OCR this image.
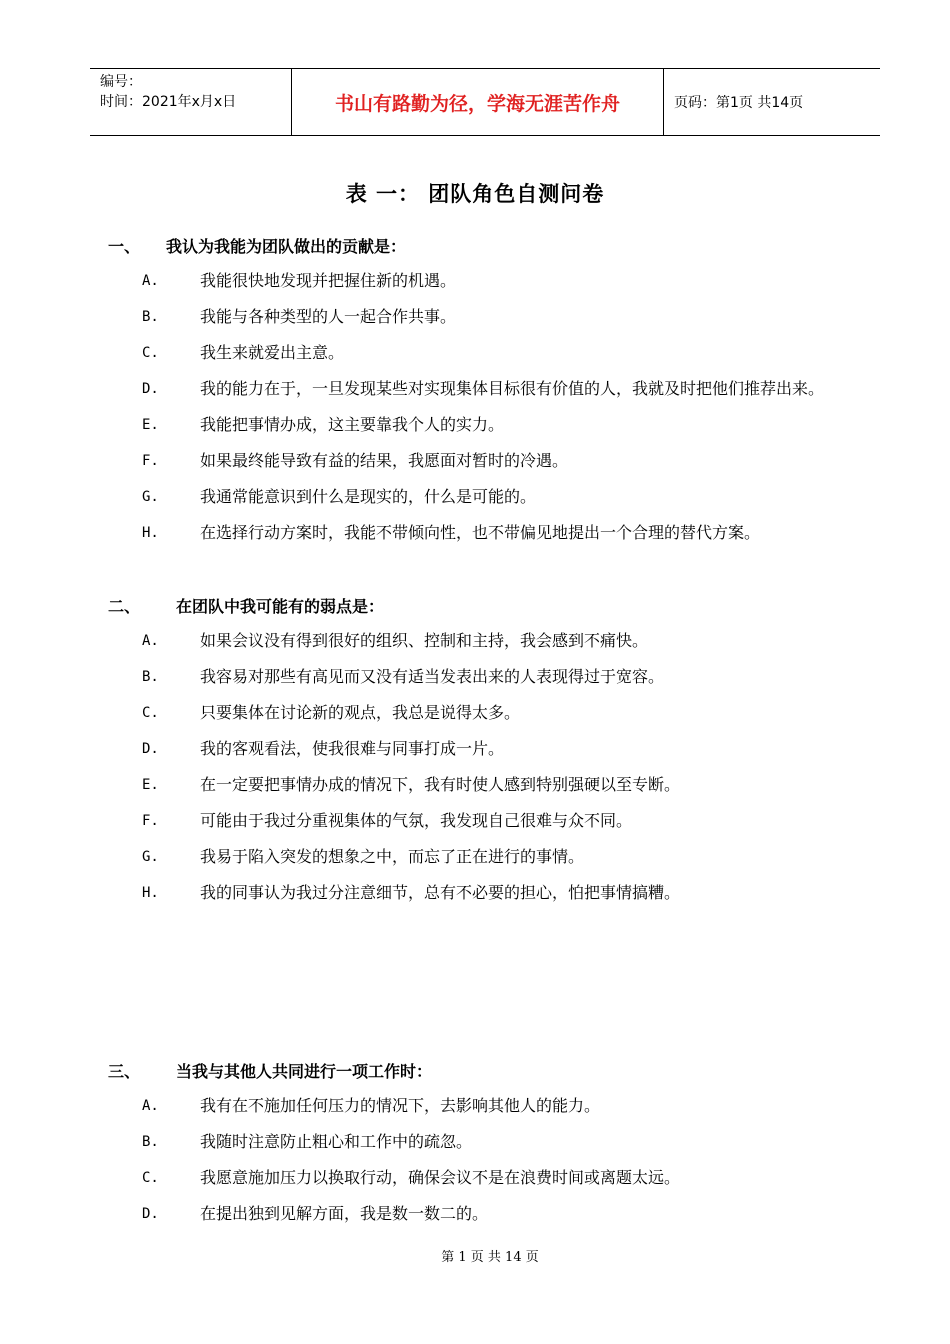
编号：
时间：2021年x月x日	书山有路勤为径，学海无涯苦作舟	页码：第1页 共14页
表 一： 团队角色自测问卷
一、	我认为我能为团队做出的贡献是：
A.	我能很快地发现并把握住新的机遇。
B.	我能与各种类型的人一起合作共事。
C.	我生来就爱出主意。
D.	我的能力在于，一旦发现某些对实现集体目标很有价值的人，我就及时把他们推荐出来。
E.	我能把事情办成，这主要靠我个人的实力。
F.	如果最终能导致有益的结果，我愿面对暂时的冷遇。
G.	我通常能意识到什么是现实的，什么是可能的。
H.	在选择行动方案时，我能不带倾向性，也不带偏见地提出一个合理的替代方案。
二、	在团队中我可能有的弱点是：
A.	如果会议没有得到很好的组织、控制和主持，我会感到不痛快。
B.	我容易对那些有高见而又没有适当发表出来的人表现得过于宽容。
C.	只要集体在讨论新的观点，我总是说得太多。
D.	我的客观看法，使我很难与同事打成一片。
E.	在一定要把事情办成的情况下，我有时使人感到特别强硬以至专断。
F.	可能由于我过分重视集体的气氛，我发现自己很难与众不同。
G.	我易于陷入突发的想象之中，而忘了正在进行的事情。
H.	我的同事认为我过分注意细节，总有不必要的担心，怕把事情搞糟。
三、	当我与其他人共同进行一项工作时：
A.	我有在不施加任何压力的情况下，去影响其他人的能力。
B.	我随时注意防止粗心和工作中的疏忽。
C.	我愿意施加压力以换取行动，确保会议不是在浪费时间或离题太远。
D.	在提出独到见解方面，我是数一数二的。
第 1 页 共 14 页
